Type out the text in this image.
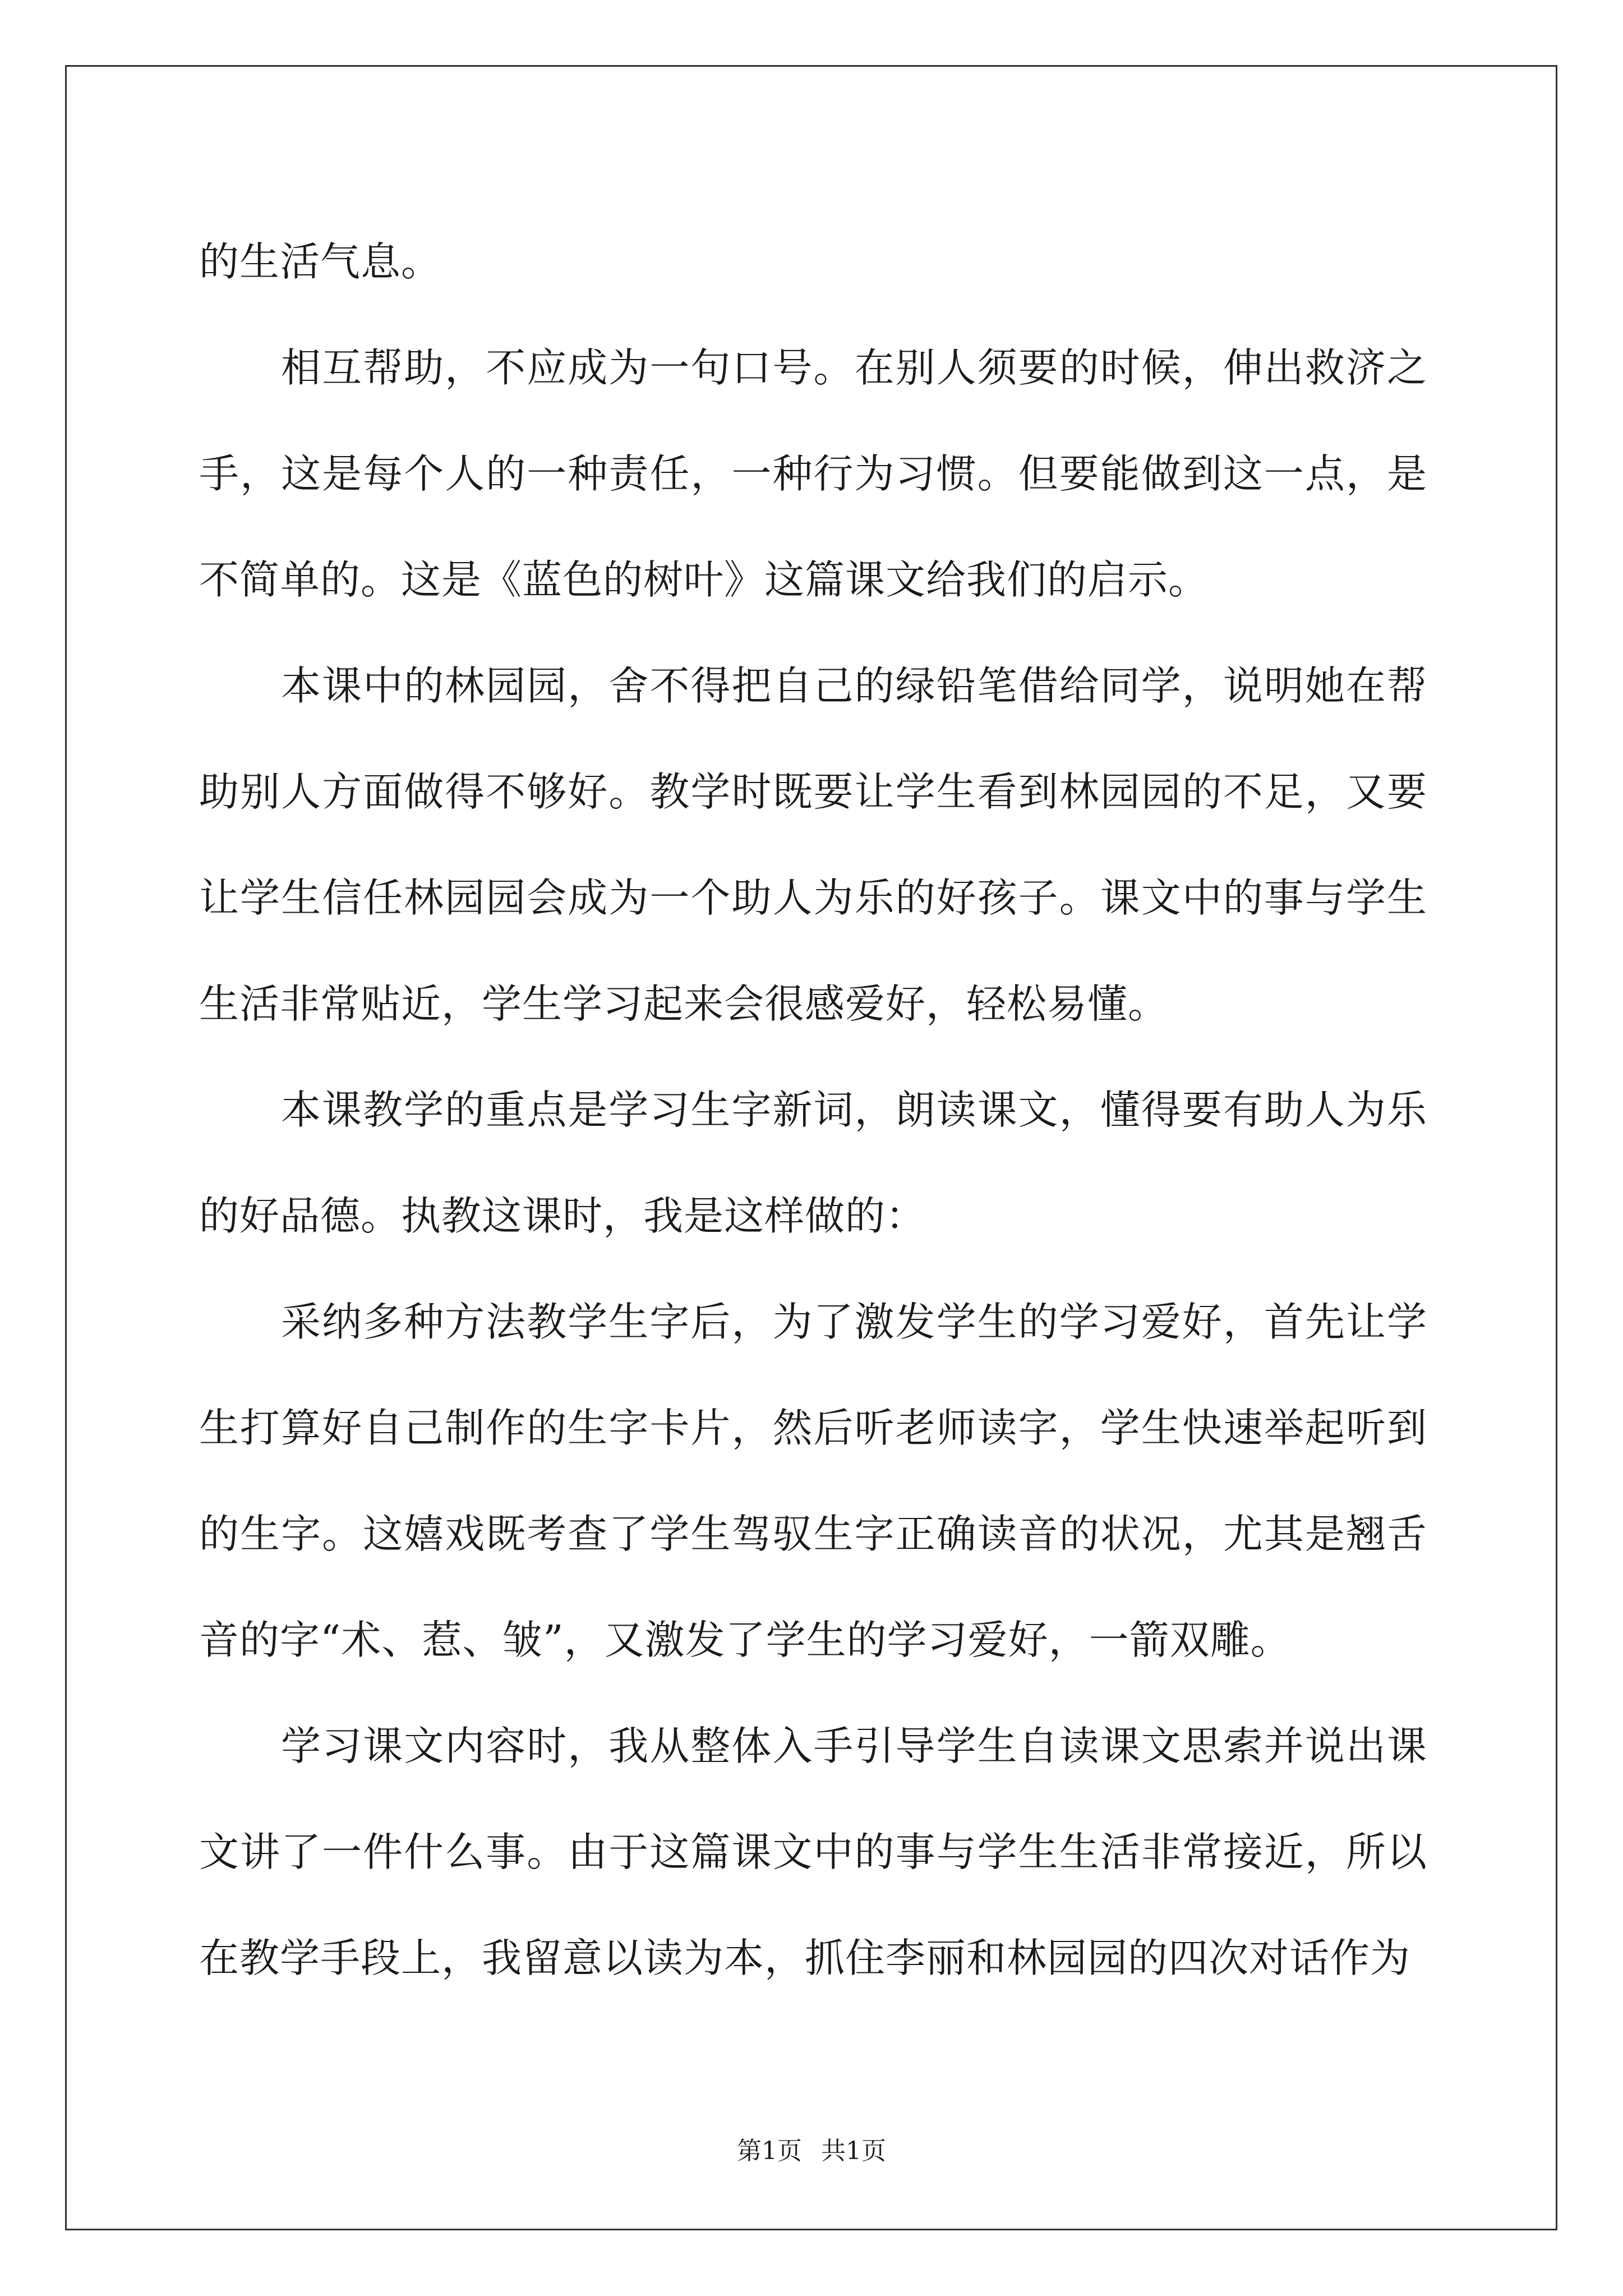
的生活气息。

相互帮助，不应成为一句口号。在别人须要的时候，伸出救济之手，这是每个人的一种责任，一种行为习惯。但要能做到这一点，是不简单的。这是《蓝色的树叶》这篇课文给我们的启示。

本课中的林园园，舍不得把自己的绿铅笔借给同学，说明她在帮助别人方面做得不够好。教学时既要让学生看到林园园的不足，又要让学生信任林园园会成为一个助人为乐的好孩子。课文中的事与学生生活非常贴近，学生学习起来会很感爱好，轻松易懂。

本课教学的重点是学习生字新词，朗读课文，懂得要有助人为乐的好品德。执教这课时，我是这样做的：

采纳多种方法教学生字后，为了激发学生的学习爱好，首先让学生打算好自己制作的生字卡片，然后听老师读字，学生快速举起听到的生字。这嬉戏既考查了学生驾驭生字正确读音的状况，尤其是翘舌音的字“术、惹、皱”，又激发了学生的学习爱好，一箭双雕。

学习课文内容时，我从整体入手引导学生自读课文思索并说出课文讲了一件什么事。由于这篇课文中的事与学生生活非常接近，所以在教学手段上，我留意以读为本，抓住李丽和林园园的四次对话作为

第1页 共1页
